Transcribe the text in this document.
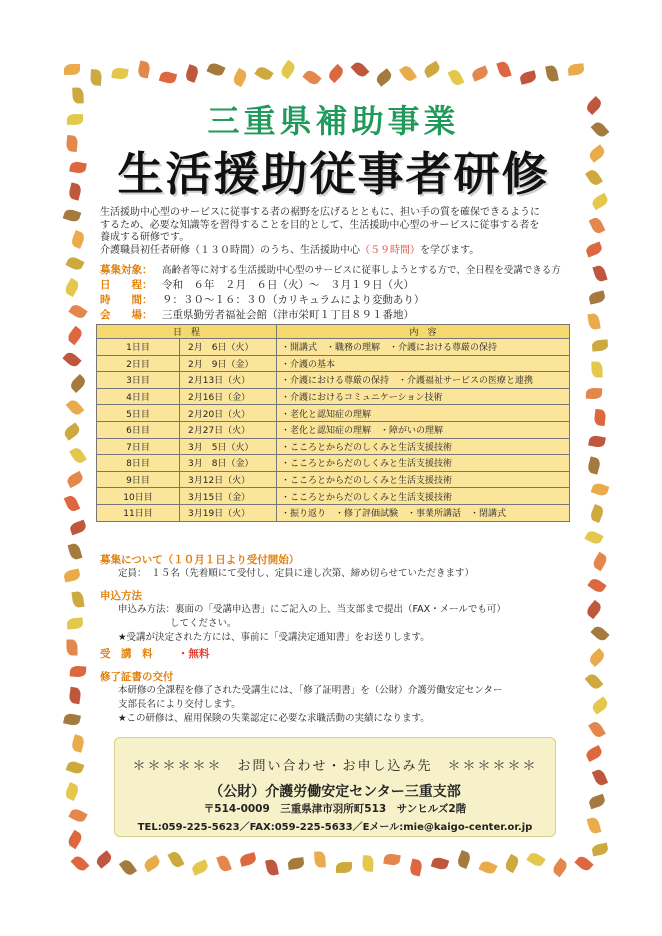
三重県補助事業
生活援助従事者研修
生活援助中心型のサービスに従事する者の裾野を広げるとともに、担い手の質を確保できるように
するため、必要な知識等を習得することを目的として、生活援助中心型のサービスに従事する者を
養成する研修です。
介護職員初任者研修（１３０時間）のうち、生活援助中心（５９時間）を学びます。
募集対象： 高齢者等に対する生活援助中心型のサービスに従事しようとする方で、全日程を受講できる方
日　　程： 令和　６年　２月　６日（火）～　３月１９日（火）
時　　間： ９：３０～１６：３０（カリキュラムにより変動あり）
会　　場： 三重県勤労者福祉会館（津市栄町１丁目８９１番地）
日　程		内　容
1日目	2月　6日（火）	・開講式　・職務の理解　・介護における尊厳の保持
2日目	2月　9日（金）	・介護の基本
3日目	2月13日（火）	・介護における尊厳の保持　・介護福祉サービスの医療と連携
4日目	2月16日（金）	・介護におけるコミュニケーション技術
5日目	2月20日（火）	・老化と認知症の理解
6日目	2月27日（火）	・老化と認知症の理解　・障がいの理解
7日目	3月　5日（火）	・こころとからだのしくみと生活支援技術
8日目	3月　8日（金）	・こころとからだのしくみと生活支援技術
9日目	3月12日（火）	・こころとからだのしくみと生活支援技術
10日目	3月15日（金）	・こころとからだのしくみと生活支援技術
11日目	3月19日（火）	・振り返り　・修了評価試験　・事業所講話　・閉講式
募集について（１０月１日より受付開始）
定員：　１５名（先着順にて受付し、定員に達し次第、締め切らせていただきます）
申込方法
申込み方法：裏面の「受講申込書」にご記入の上、当支部まで提出（FAX・メールでも可）
してください。
★受講が決定された方には、事前に「受講決定通知書」をお送りします。
受　講　料 ・無料
修了証書の交付
本研修の全課程を修了された受講生には、「修了証明書」を（公財）介護労働安定センター
支部長名により交付します。
★この研修は、雇用保険の失業認定に必要な求職活動の実績になります。
＊＊＊＊＊＊　お問い合わせ・お申し込み先　＊＊＊＊＊＊
（公財）介護労働安定センター三重支部
〒514-0009　三重県津市羽所町513　サンヒルズ2階
TEL:059-225-5623／FAX:059-225-5633／Eメール:mie@kaigo-center.or.jp
